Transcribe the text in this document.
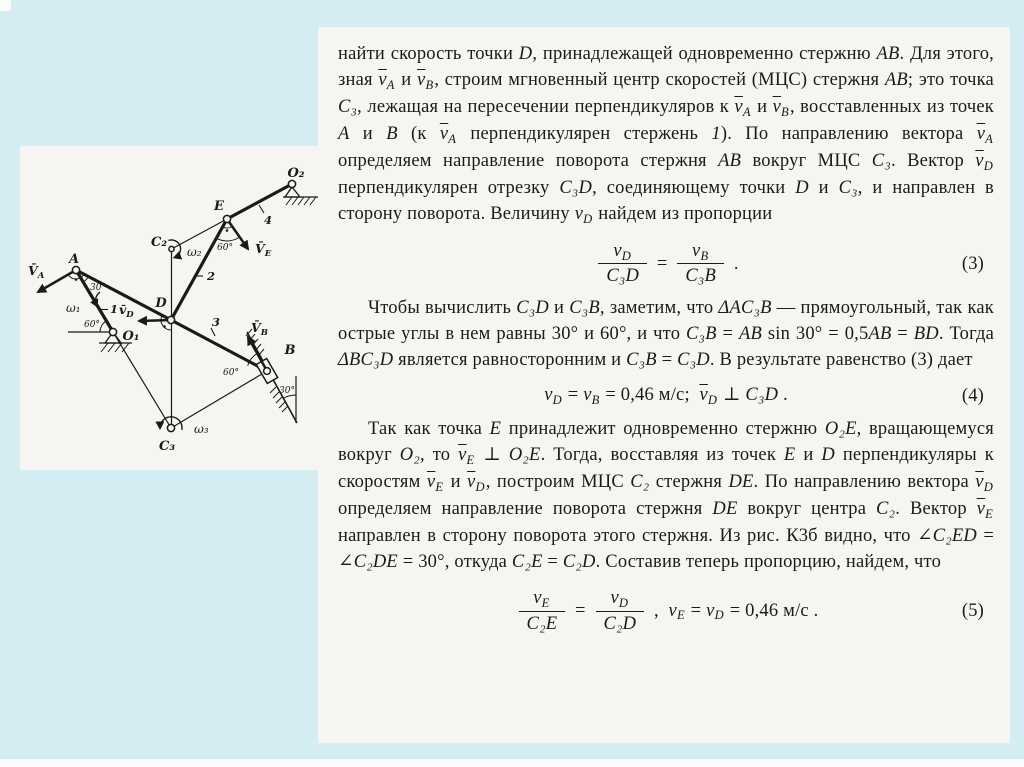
A
O₂
E
C₂
D
O₁
B
C₃
ω₁
ω₂
ω₃
1
2
3
4
30°
60°
60°
60°
30°
$V̄_A$
$V̄_E$
$V̄_B$
$v̄_D$

найти скорость точки D, принадлежащей одновременно стержню AB. Для этого, зная $\overline{v}_A$ и $\overline{v}_B$, строим мгновенный центр скоростей (МЦС) стержня AB; это точка C₃, лежащая на пересечении перпендикуляров к $\overline{v}_A$ и $\overline{v}_B$, восставленных из точек A и B (к $\overline{v}_A$ перпендикулярен стержень 1). По направлению вектора $\overline{v}_A$ определяем направление поворота стержня AB вокруг МЦС C₃. Вектор $\overline{v}_D$ перпендикулярен отрезку C₃D, соединяющему точки D и C₃, и направлен в сторону поворота. Величину $v_D$ найдем из пропорции

$\frac{v_D}{\text{C₃D}} = \frac{v_B}{\text{C₃B}}$ .	(3)

Чтобы вычислить C₃D и C₃B, заметим, что ΔAC₃B — прямоугольный, так как острые углы в нем равны 30° и 60°, и что C₃B = AB sin 30° = 0,5AB = BD. Тогда ΔBC₃D является равносторонним и C₃B = C₃D. В результате равенство (3) дает

$v_D = v_B = 0,46$ м/с;  $\overline{v}_D$ ⊥ C₃D .	(4)

Так как точка E принадлежит одновременно стержню O₂E, вращающемуся вокруг O₂, то $\overline{v}_E$ ⊥ O₂E. Тогда, восставляя из точек E и D перпендикуляры к скоростям $\overline{v}_E$ и $\overline{v}_D$, построим МЦС C₂ стержня DE. По направлению вектора $\overline{v}_D$ определяем направление поворота стержня DE вокруг центра C₂. Вектор $\overline{v}_E$ направлен в сторону поворота этого стержня. Из рис. К3б видно, что ∠C₂ED = ∠C₂DE = 30°, откуда C₂E = C₂D. Составив теперь пропорцию, найдем, что

$\frac{v_E}{\text{C₂E}} = \frac{v_D}{\text{C₂D}}$ ,  $v_E = v_D = 0,46$ м/с .	(5)
